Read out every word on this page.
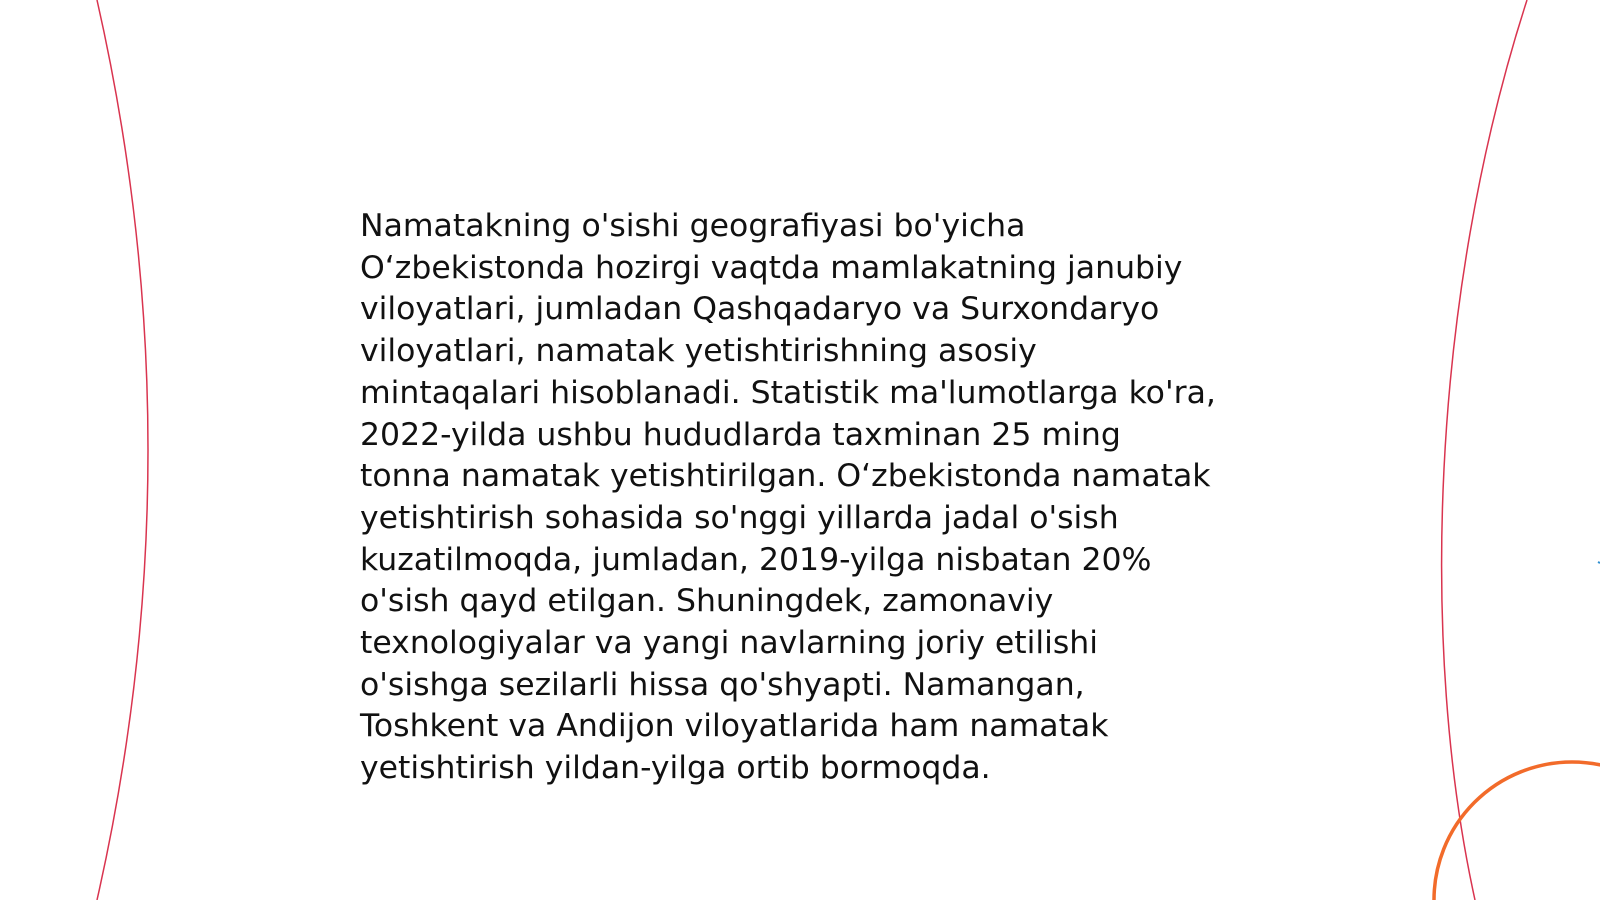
Namatakning o'sishi geografiyasi bo'yicha
O‘zbekistonda hozirgi vaqtda mamlakatning janubiy
viloyatlari, jumladan Qashqadaryo va Surxondaryo
viloyatlari, namatak yetishtirishning asosiy
mintaqalari hisoblanadi. Statistik ma'lumotlarga ko'ra,
2022-yilda ushbu hududlarda taxminan 25 ming
tonna namatak yetishtirilgan. O‘zbekistonda namatak
yetishtirish sohasida so'nggi yillarda jadal o'sish
kuzatilmoqda, jumladan, 2019-yilga nisbatan 20%
o'sish qayd etilgan. Shuningdek, zamonaviy
texnologiyalar va yangi navlarning joriy etilishi
o'sishga sezilarli hissa qo'shyapti. Namangan,
Toshkent va Andijon viloyatlarida ham namatak
yetishtirish yildan-yilga ortib bormoqda.
